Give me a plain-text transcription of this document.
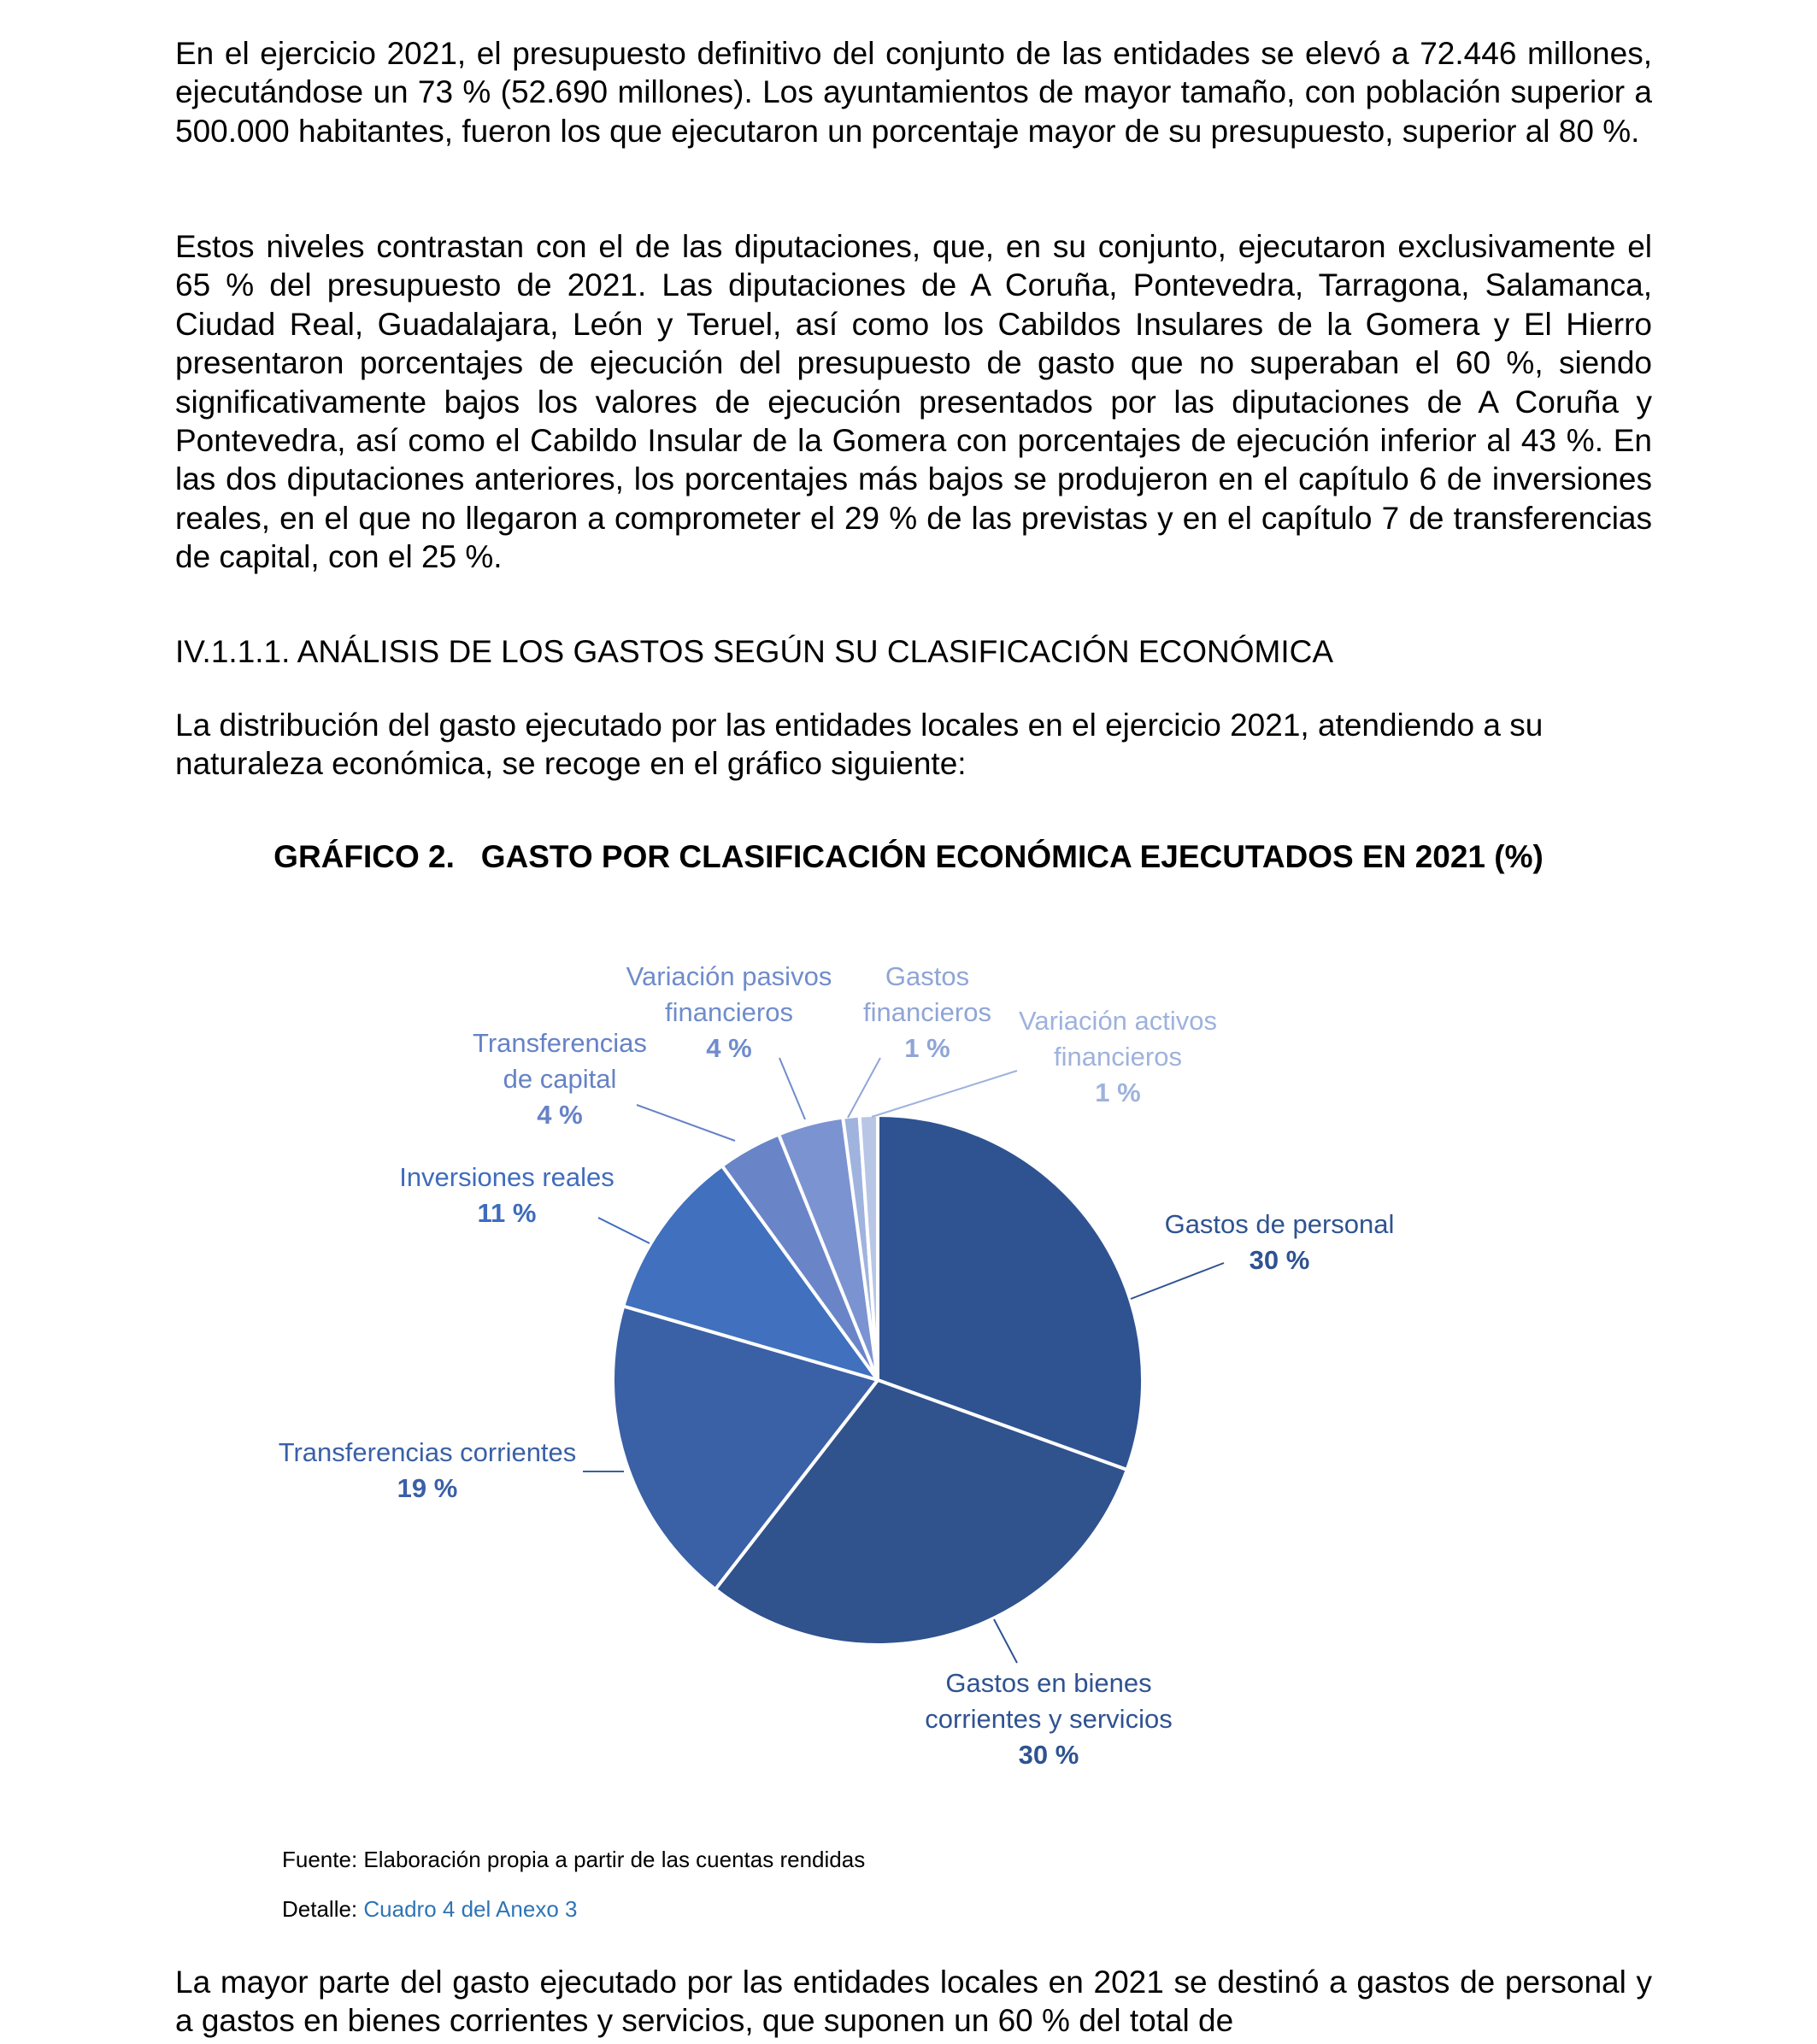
En el ejercicio 2021, el presupuesto definitivo del conjunto de las entidades se elevó a 72.446 millones, ejecutándose un 73 % (52.690 millones). Los ayuntamientos de mayor tamaño, con población superior a 500.000 habitantes, fueron los que ejecutaron un porcentaje mayor de su presupuesto, superior al 80 %.

Estos niveles contrastan con el de las diputaciones, que, en su conjunto, ejecutaron exclusivamente el 65 % del presupuesto de 2021. Las diputaciones de A Coruña, Pontevedra, Tarragona, Salamanca, Ciudad Real, Guadalajara, León y Teruel, así como los Cabildos Insulares de la Gomera y El Hierro presentaron porcentajes de ejecución del presupuesto de gasto que no superaban el 60 %, siendo significativamente bajos los valores de ejecución presentados por las diputaciones de A Coruña y Pontevedra, así como el Cabildo Insular de la Gomera con porcentajes de ejecución inferior al 43 %. En las dos diputaciones anteriores, los porcentajes más bajos se produjeron en el capítulo 6 de inversiones reales, en el que no llegaron a comprometer el 29 % de las previstas y en el capítulo 7 de transferencias de capital, con el 25 %.

IV.1.1.1. ANÁLISIS DE LOS GASTOS SEGÚN SU CLASIFICACIÓN ECONÓMICA

La distribución del gasto ejecutado por las entidades locales en el ejercicio 2021, atendiendo a su naturaleza económica, se recoge en el gráfico siguiente:

GRÁFICO 2.   GASTO POR CLASIFICACIÓN ECONÓMICA EJECUTADOS EN 2021 (%)
Gastos de personal 30 %
Gastos en bienes corrientes y servicios 30 %
Transferencias corrientes 19 %
Inversiones reales 11 %
Transferencias de capital 4 %
Variación pasivos financieros 4 %
Gastos financieros 1 %
Variación activos financieros 1 %
Fuente: Elaboración propia a partir de las cuentas rendidas
Detalle: Cuadro 4 del Anexo 3

La mayor parte del gasto ejecutado por las entidades locales en 2021 se destinó a gastos de personal y a gastos en bienes corrientes y servicios, que suponen un 60 % del total de
